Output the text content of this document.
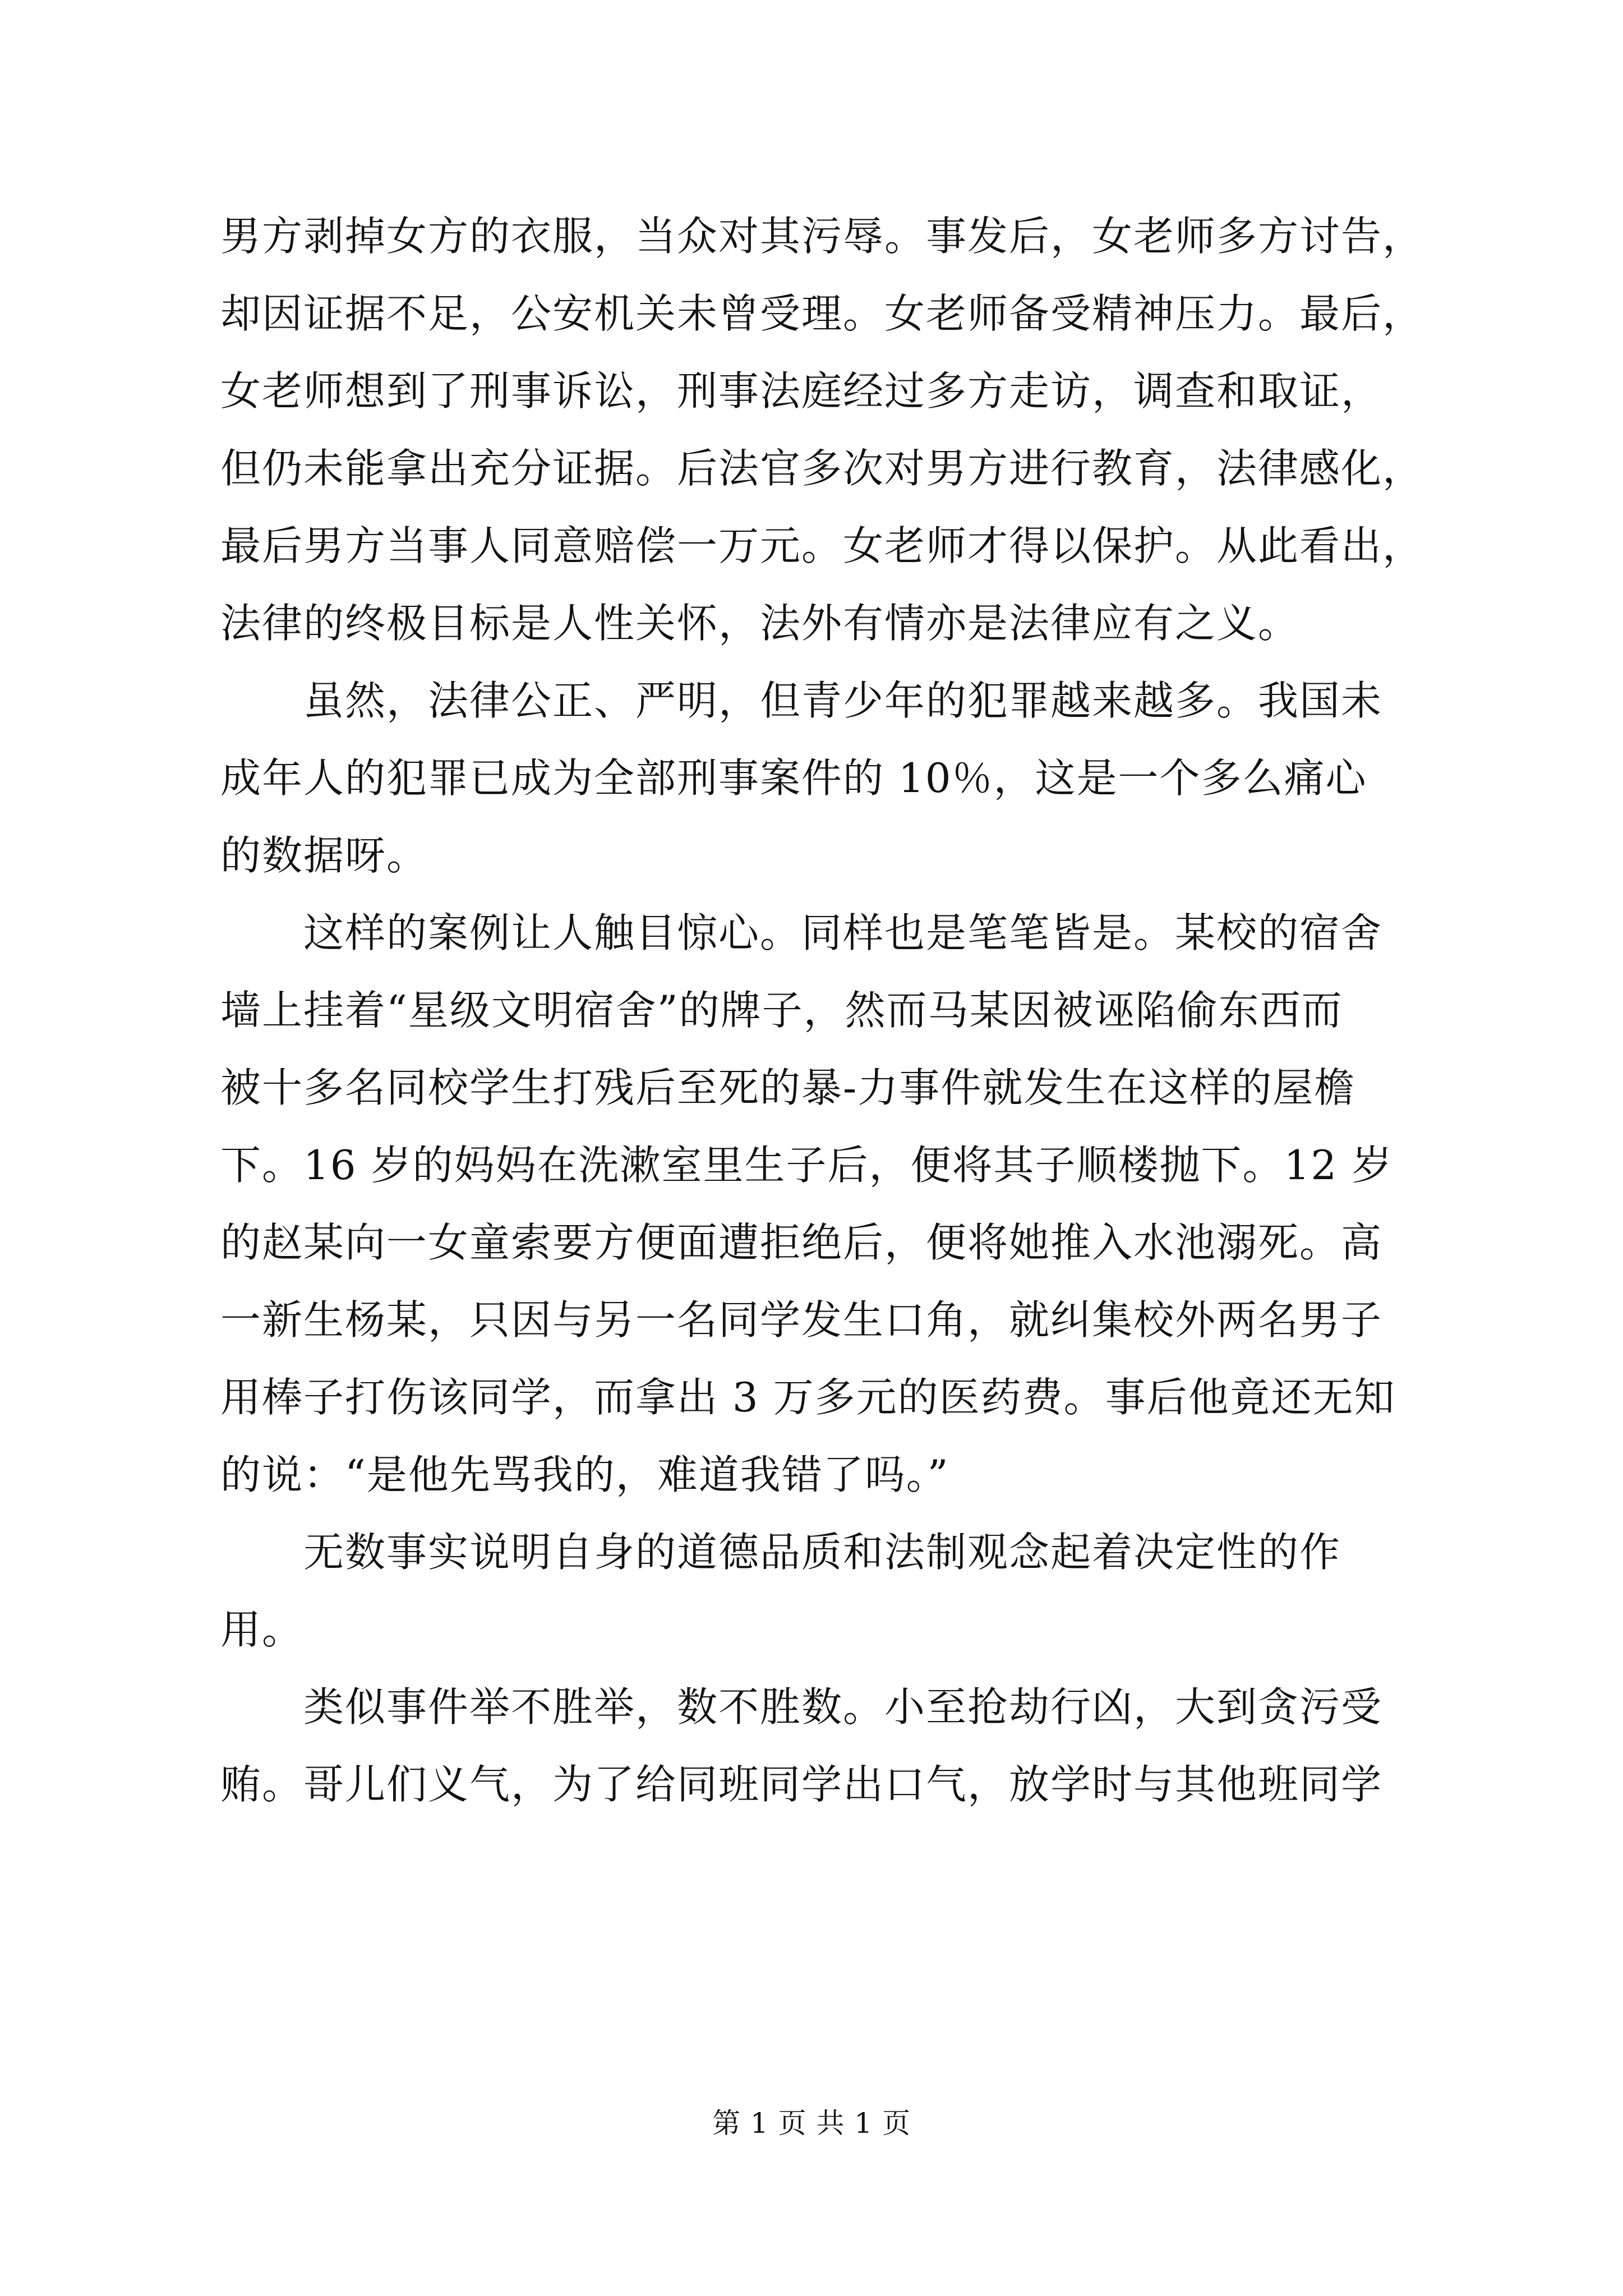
男方剥掉女方的衣服，当众对其污辱。事发后，女老师多方讨告，
却因证据不足，公安机关未曾受理。女老师备受精神压力。最后，
女老师想到了刑事诉讼，刑事法庭经过多方走访，调查和取证，
但仍未能拿出充分证据。后法官多次对男方进行教育，法律感化，
最后男方当事人同意赔偿一万元。女老师才得以保护。从此看出，
法律的终极目标是人性关怀，法外有情亦是法律应有之义。
虽然，法律公正、严明，但青少年的犯罪越来越多。我国未
成年人的犯罪已成为全部刑事案件的 10％，这是一个多么痛心
的数据呀。
这样的案例让人触目惊心。同样也是笔笔皆是。某校的宿舍
墙上挂着“星级文明宿舍”的牌子，然而马某因被诬陷偷东西而
被十多名同校学生打残后至死的暴-力事件就发生在这样的屋檐
下。16 岁的妈妈在洗漱室里生子后，便将其子顺楼抛下。12 岁
的赵某向一女童索要方便面遭拒绝后，便将她推入水池溺死。高
一新生杨某，只因与另一名同学发生口角，就纠集校外两名男子
用棒子打伤该同学，而拿出 3 万多元的医药费。事后他竟还无知
的说：“是他先骂我的，难道我错了吗。”
无数事实说明自身的道德品质和法制观念起着决定性的作
用。
类似事件举不胜举，数不胜数。小至抢劫行凶，大到贪污受
贿。哥儿们义气，为了给同班同学出口气，放学时与其他班同学
第 1 页 共 1 页
